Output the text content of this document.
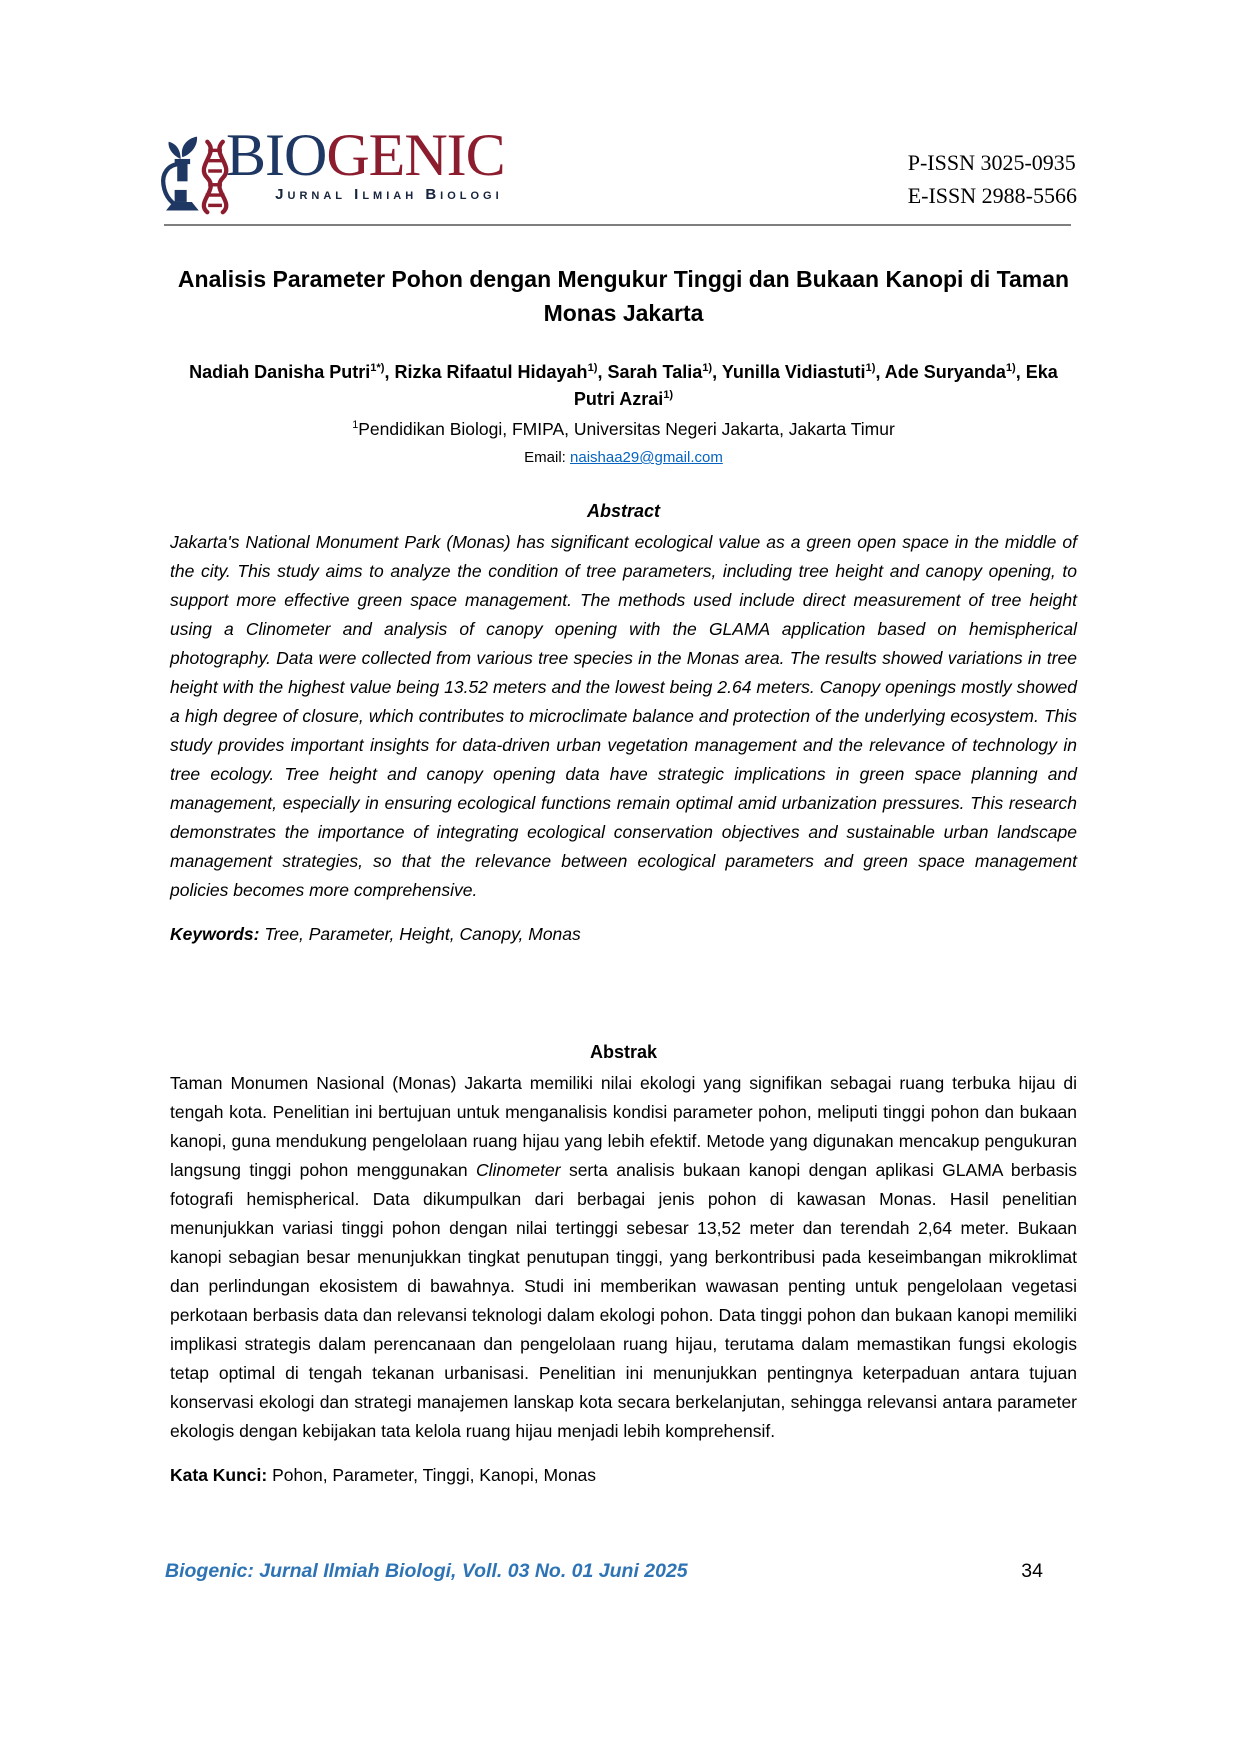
BIOGENIC
Jurnal Ilmiah Biologi
P-ISSN 3025-0935
E-ISSN 2988-5566
Analisis Parameter Pohon dengan Mengukur Tinggi dan Bukaan Kanopi di Taman Monas Jakarta

Nadiah Danisha Putri$^{1*)}$, Rizka Rifaatul Hidayah$^{1)}$, Sarah Talia$^{1)}$, Yunilla Vidiastuti$^{1)}$, Ade Suryanda$^{1)}$, Eka Putri Azrai$^{1)}$

$^1$Pendidikan Biologi, FMIPA, Universitas Negeri Jakarta, Jakarta Timur

Email: naishaa29@gmail.com

Abstract

Jakarta's National Monument Park (Monas) has significant ecological value as a green open space in the middle of the city. This study aims to analyze the condition of tree parameters, including tree height and canopy opening, to support more effective green space management. The methods used include direct measurement of tree height using a Clinometer and analysis of canopy opening with the GLAMA application based on hemispherical photography. Data were collected from various tree species in the Monas area. The results showed variations in tree height with the highest value being 13.52 meters and the lowest being 2.64 meters. Canopy openings mostly showed a high degree of closure, which contributes to microclimate balance and protection of the underlying ecosystem. This study provides important insights for data-driven urban vegetation management and the relevance of technology in tree ecology. Tree height and canopy opening data have strategic implications in green space planning and management, especially in ensuring ecological functions remain optimal amid urbanization pressures. This research demonstrates the importance of integrating ecological conservation objectives and sustainable urban landscape management strategies, so that the relevance between ecological parameters and green space management policies becomes more comprehensive.

Keywords: Tree, Parameter, Height, Canopy, Monas

Abstrak

Taman Monumen Nasional (Monas) Jakarta memiliki nilai ekologi yang signifikan sebagai ruang terbuka hijau di tengah kota. Penelitian ini bertujuan untuk menganalisis kondisi parameter pohon, meliputi tinggi pohon dan bukaan kanopi, guna mendukung pengelolaan ruang hijau yang lebih efektif. Metode yang digunakan mencakup pengukuran langsung tinggi pohon menggunakan Clinometer serta analisis bukaan kanopi dengan aplikasi GLAMA berbasis fotografi hemispherical. Data dikumpulkan dari berbagai jenis pohon di kawasan Monas. Hasil penelitian menunjukkan variasi tinggi pohon dengan nilai tertinggi sebesar 13,52 meter dan terendah 2,64 meter. Bukaan kanopi sebagian besar menunjukkan tingkat penutupan tinggi, yang berkontribusi pada keseimbangan mikroklimat dan perlindungan ekosistem di bawahnya. Studi ini memberikan wawasan penting untuk pengelolaan vegetasi perkotaan berbasis data dan relevansi teknologi dalam ekologi pohon. Data tinggi pohon dan bukaan kanopi memiliki implikasi strategis dalam perencanaan dan pengelolaan ruang hijau, terutama dalam memastikan fungsi ekologis tetap optimal di tengah tekanan urbanisasi. Penelitian ini menunjukkan pentingnya keterpaduan antara tujuan konservasi ekologi dan strategi manajemen lanskap kota secara berkelanjutan, sehingga relevansi antara parameter ekologis dengan kebijakan tata kelola ruang hijau menjadi lebih komprehensif.

Kata Kunci: Pohon, Parameter, Tinggi, Kanopi, Monas

Biogenic: Jurnal Ilmiah Biologi, Voll. 03 No. 01 Juni 2025	34
